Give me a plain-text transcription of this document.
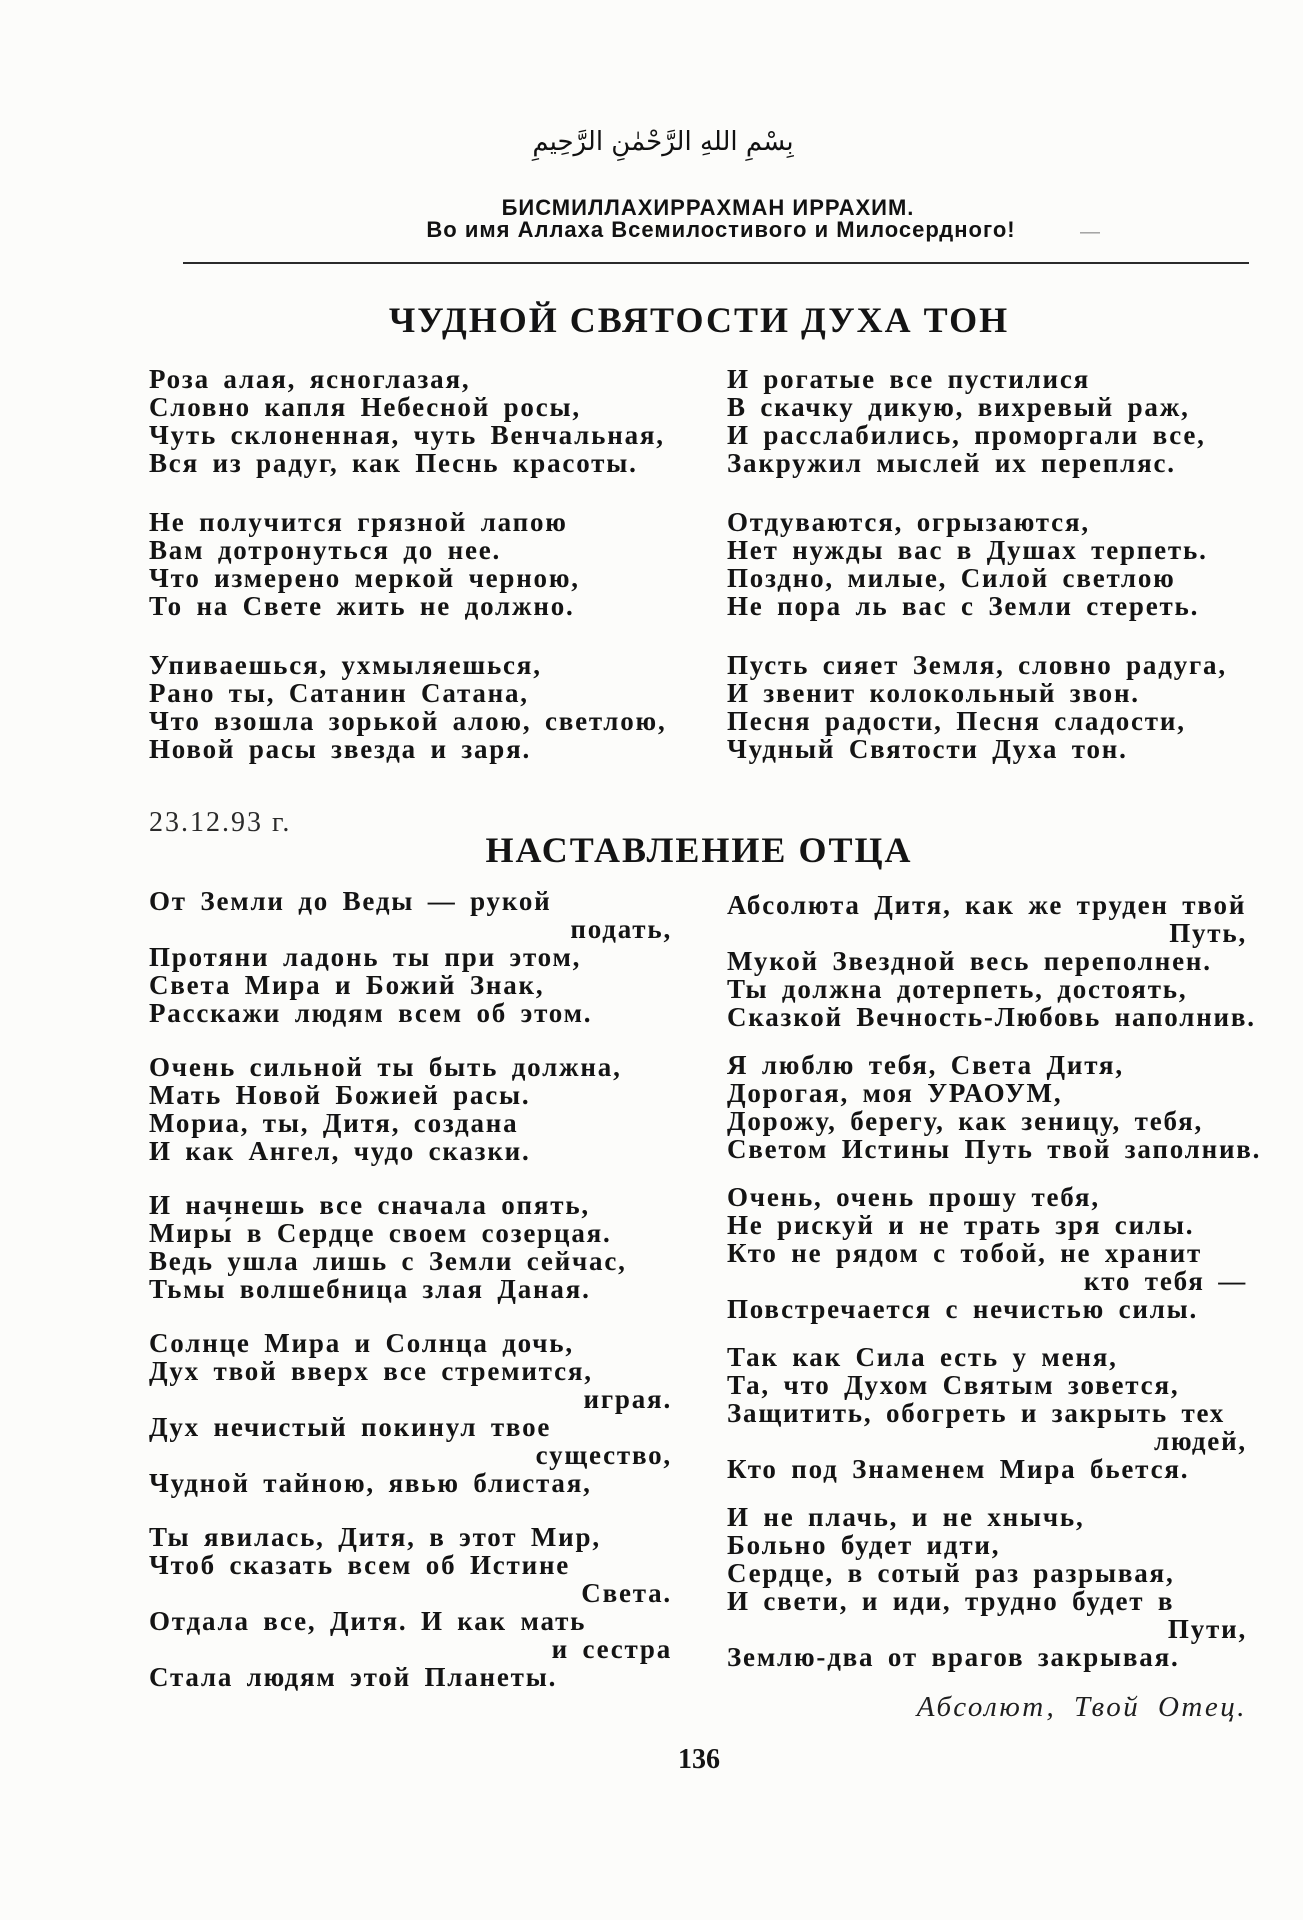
بِسْمِ اللهِ الرَّحْمٰنِ الرَّحِيمِ
БИСМИЛЛАХИРРАХМАН ИРРАХИМ.
Во имя Аллаха Всемилостивого и Милосердного!	—
ЧУДНОЙ СВЯТОСТИ ДУХА ТОН
Роза алая, ясноглазая,
Словно капля Небесной росы,
Чуть склоненная, чуть Венчальная,
Вся из радуг, как Песнь красоты.
Не получится грязной лапою
Вам дотронуться до нее.
Что измерено меркой черною,
То на Свете жить не должно.
Упиваешься, ухмыляешься,
Рано ты, Сатанин Сатана,
Что взошла зорькой алою, светлою,
Новой расы звезда и заря.
И рогатые все пустилися
В скачку дикую, вихревый раж,
И расслабились, проморгали все,
Закружил мыслей их перепляс.
Отдуваются, огрызаются,
Нет нужды вас в Душах терпеть.
Поздно, милые, Силой светлою
Не пора ль вас с Земли стереть.
Пусть сияет Земля, словно радуга,
И звенит колокольный звон.
Песня радости, Песня сладости,
Чудный Святости Духа тон.
23.12.93 г.
НАСТАВЛЕНИЕ ОТЦА
От Земли до Веды — рукой
подать,
Протяни ладонь ты при этом,
Света Мира и Божий Знак,
Расскажи людям всем об этом.
Очень сильной ты быть должна,
Мать Новой Божией расы.
Мориа, ты, Дитя, создана
И как Ангел, чудо сказки.
И начнешь все сначала опять,
Миры́ в Сердце своем созерцая.
Ведь ушла лишь с Земли сейчас,
Тьмы волшебница злая Даная.
Солнце Мира и Солнца дочь,
Дух твой вверх все стремится,
играя.
Дух нечистый покинул твое
существо,
Чудной тайною, явью блистая,
Ты явилась, Дитя, в этот Мир,
Чтоб сказать всем об Истине
Света.
Отдала все, Дитя. И как мать
и сестра
Стала людям этой Планеты.
Абсолюта Дитя, как же труден твой
Путь,
Мукой Звездной весь переполнен.
Ты должна дотерпеть, достоять,
Сказкой Вечность-Любовь наполнив.
Я люблю тебя, Света Дитя,
Дорогая, моя УРАОУМ,
Дорожу, берегу, как зеницу, тебя,
Светом Истины Путь твой заполнив.
Очень, очень прошу тебя,
Не рискуй и не трать зря силы.
Кто не рядом с тобой, не хранит
кто тебя —
Повстречается с нечистью силы.
Так как Сила есть у меня,
Та, что Духом Святым зовется,
Защитить, обогреть и закрыть тех
людей,
Кто под Знаменем Мира бьется.
И не плачь, и не хнычь,
Больно будет идти,
Сердце, в сотый раз разрывая,
И свети, и иди, трудно будет в
Пути,
Землю-два от врагов закрывая.
Абсолют, Твой Отец.
136
